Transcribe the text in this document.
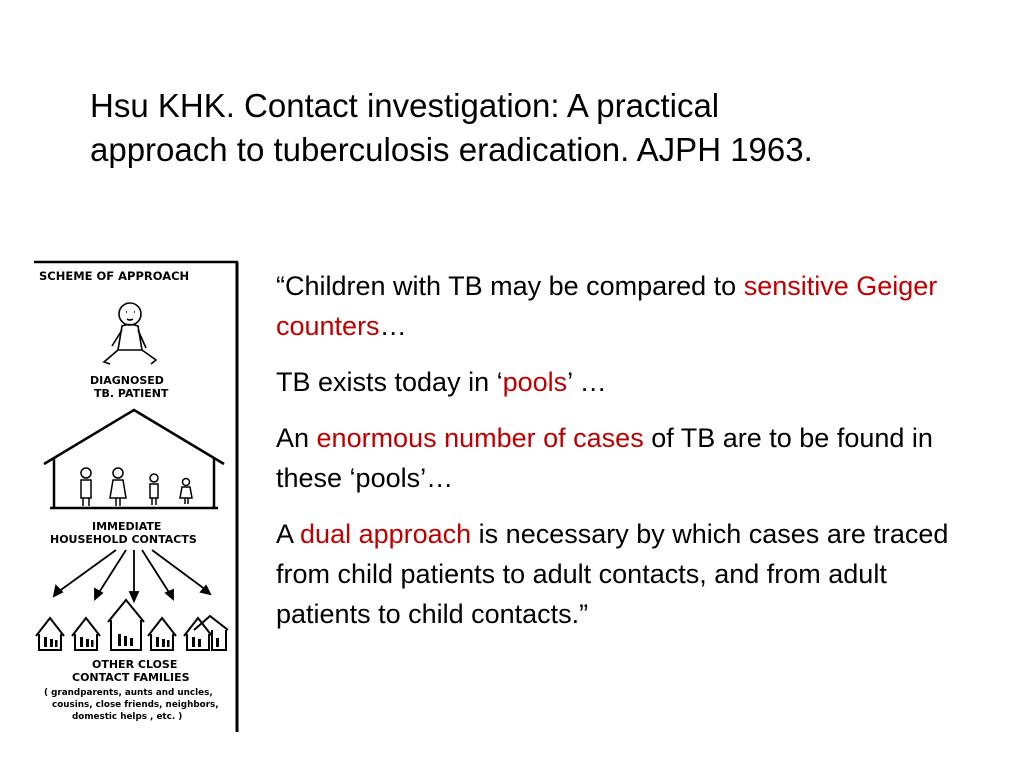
Hsu KHK. Contact investigation: A practical
approach to tuberculosis eradication. AJPH 1963.
SCHEME OF APPROACH
DIAGNOSED
TB. PATIENT
IMMEDIATE
HOUSEHOLD CONTACTS
OTHER CLOSE
CONTACT FAMILIES
( grandparents, aunts and uncles,
cousins, close friends, neighbors,
domestic helps , etc. )

“Children with TB may be compared to sensitive Geiger counters…

TB exists today in ‘pools’ …

An enormous number of cases of TB are to be found in these ‘pools’…

A dual approach is necessary by which cases are traced from child patients to adult contacts, and from adult patients to child contacts.”
